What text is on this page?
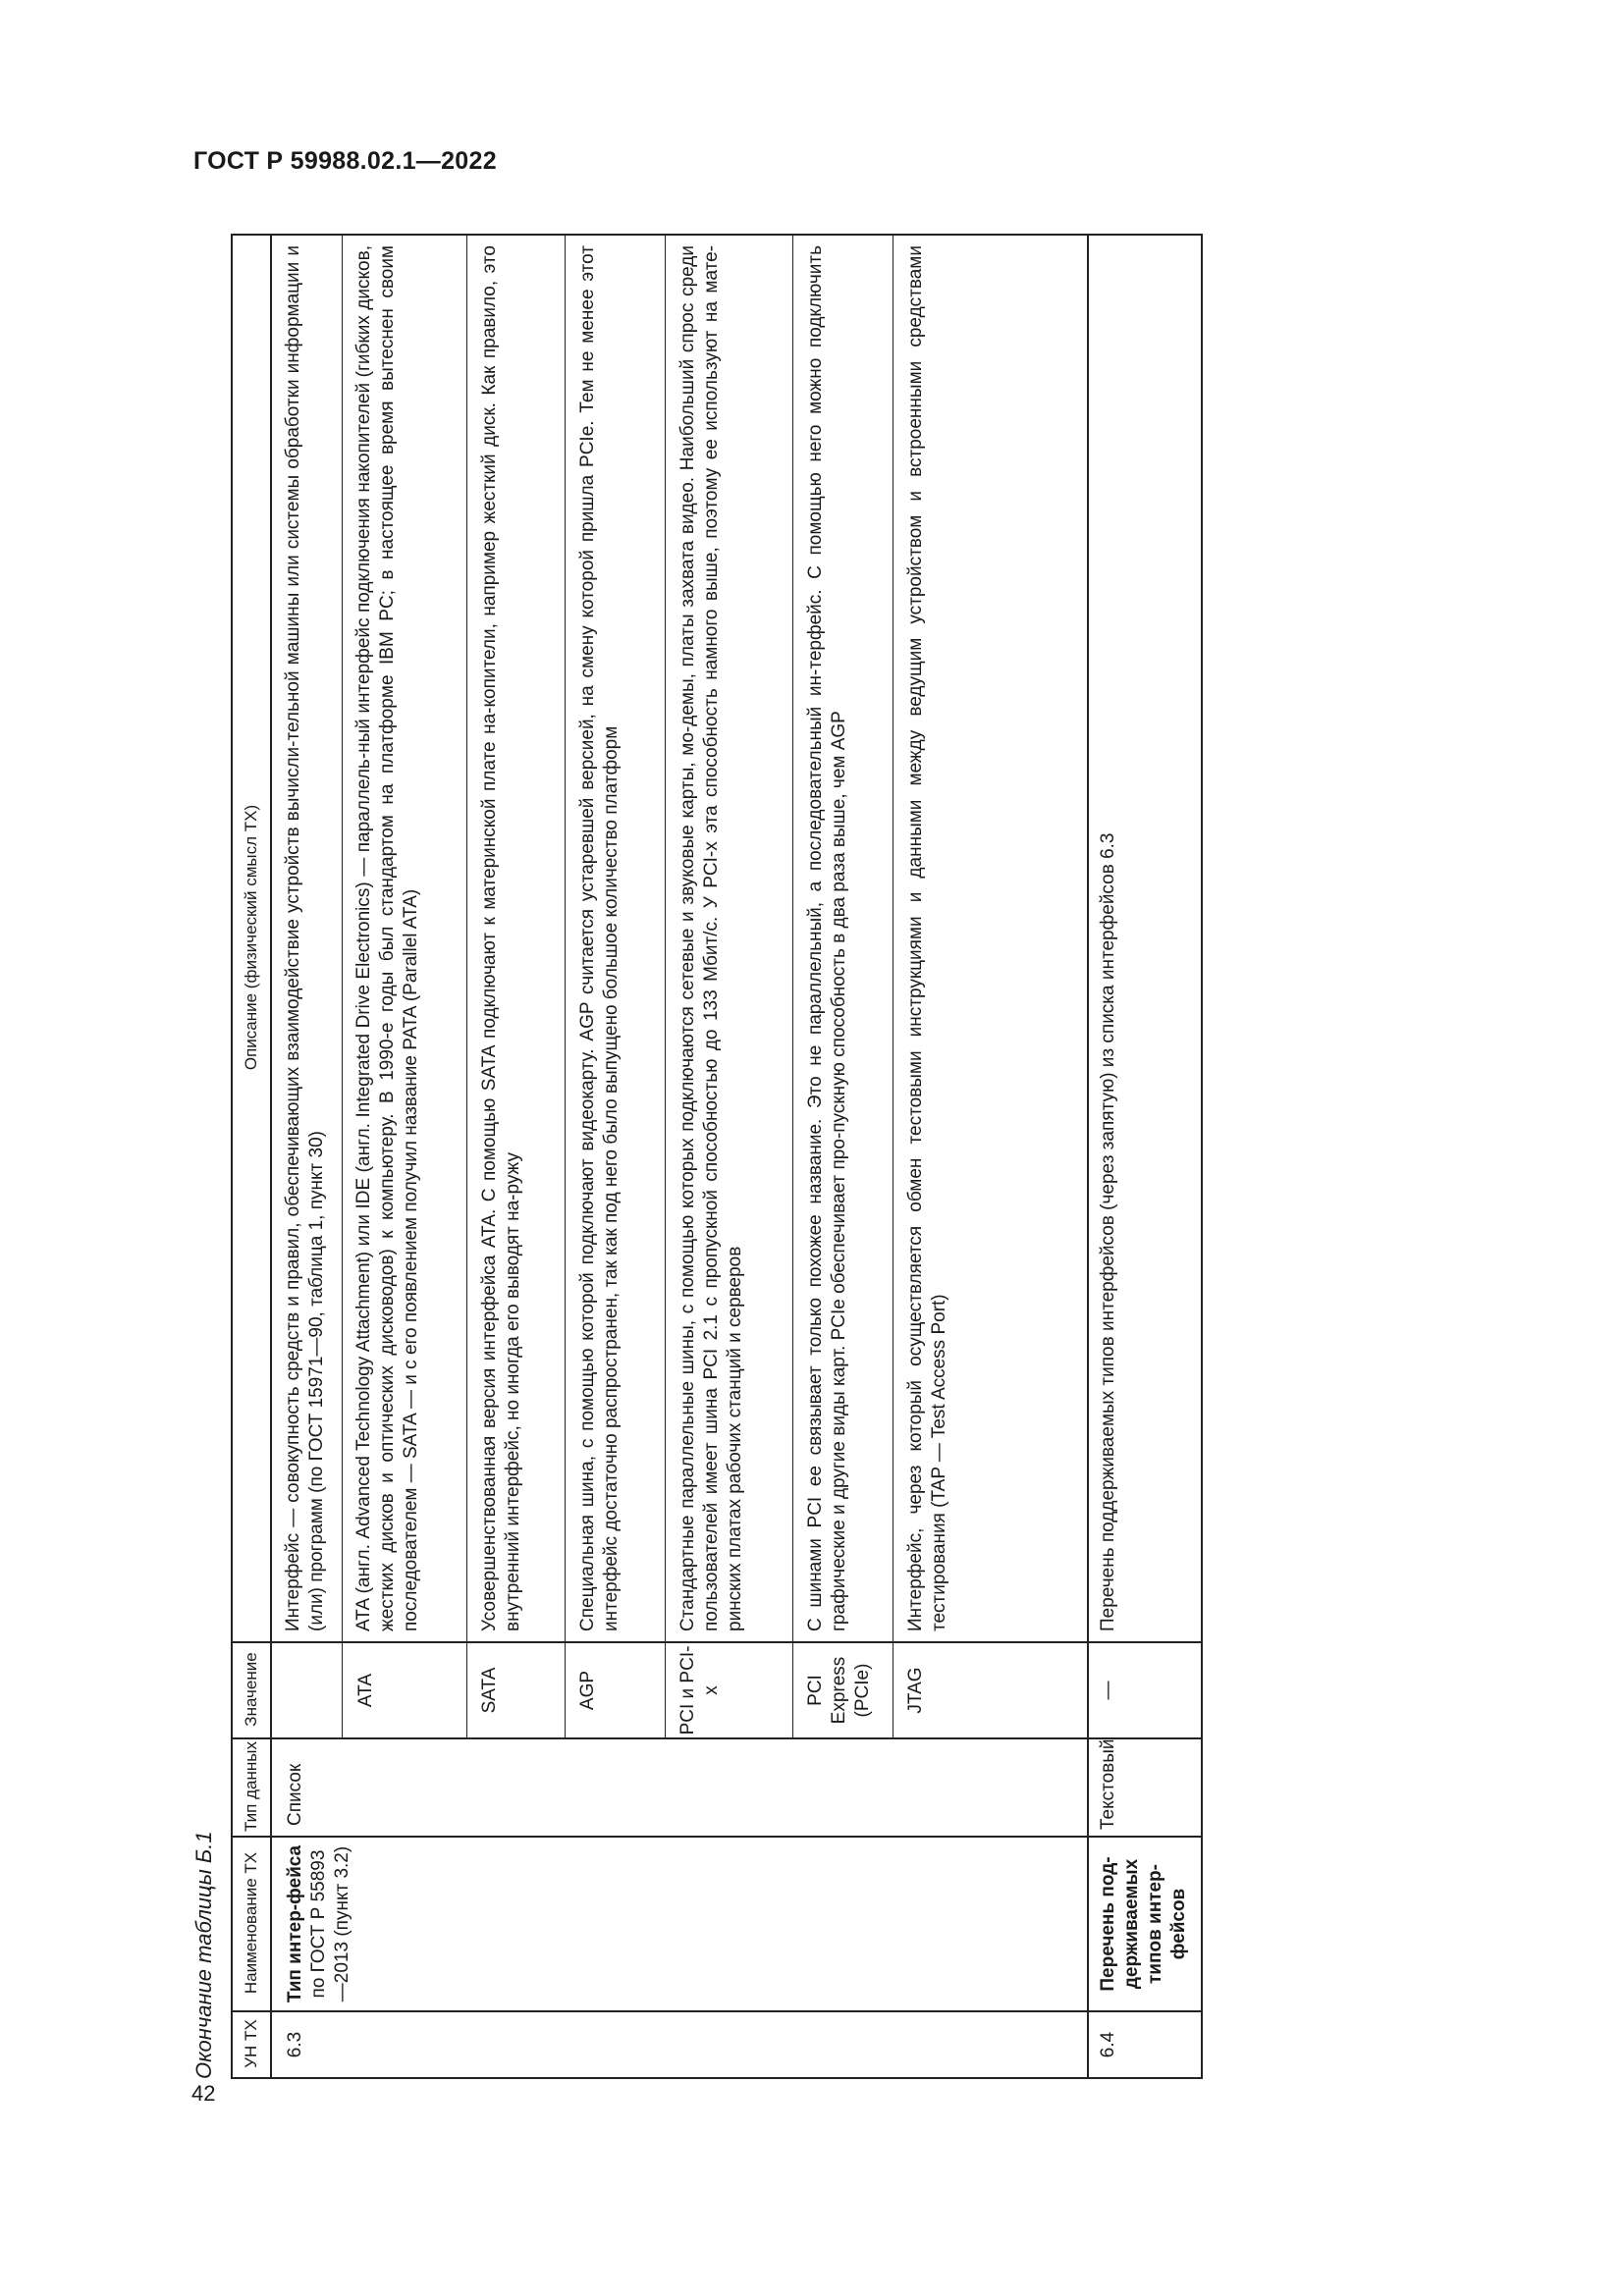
ГОСТ Р 59988.02.1—2022
42
Окончание таблицы Б.1	УН ТХ
Наименование ТХ
Тип данных
Значение
Описание (физический смысл ТХ)
6.3
Тип интер-фейса по ГОСТ Р 55893—2013 (пункт 3.2)
Список
Интерфейс — совокупность средств и правил, обеспечивающих взаимодействие устройств вычисли-тельной машины или системы обработки информации и (или) программ (по ГОСТ 15971—90, таблица 1, пункт 30)
ATA
ATA (англ. Advanced Technology Attachment) или IDE (англ. Integrated Drive Electronics) — параллель-ный интерфейс подключения накопителей (гибких дисков, жестких дисков и оптических дисководов) к компьютеру. В 1990-е годы был стандартом на платформе IBM PC; в настоящее время вытеснен своим последователем — SATA — и с его появлением получил название PATA (Parallel ATA)
SATA
Усовершенствованная версия интерфейса ATA. С помощью SATA подключают к материнской плате на-копители, например жесткий диск. Как правило, это внутренний интерфейс, но иногда его выводят на-ружу
AGP
Специальная шина, с помощью которой подключают видеокарту. AGP считается устаревшей версией, на смену которой пришла PCIe. Тем не менее этот интерфейс достаточно распространен, так как под него было выпущено большое количество платформ
PCI и PCI-x
Стандартные параллельные шины, с помощью которых подключаются сетевые и звуковые карты, мо-демы, платы захвата видео. Наибольший спрос среди пользователей имеет шина PCI 2.1 с пропускной способностью до 133 Мбит/с. У PCI-x эта способность намного выше, поэтому ее используют на мате-ринских платах рабочих станций и серверов
PCI Express (PCIe)
С шинами PCI ее связывает только похожее название. Это не параллельный, а последовательный ин-терфейс. С помощью него можно подключить графические и другие виды карт. PCIe обеспечивает про-пускную способность в два раза выше, чем AGP
JTAG
Интерфейс, через который осуществляется обмен тестовыми инструкциями и данными между ведущим устройством и встроенными средствами тестирования (TAP — Test Access Port)
6.4
Перечень под-держиваемых типов интер-фейсов
Текстовый
—
Перечень поддерживаемых типов интерфейсов (через запятую) из списка интерфейсов 6.3
